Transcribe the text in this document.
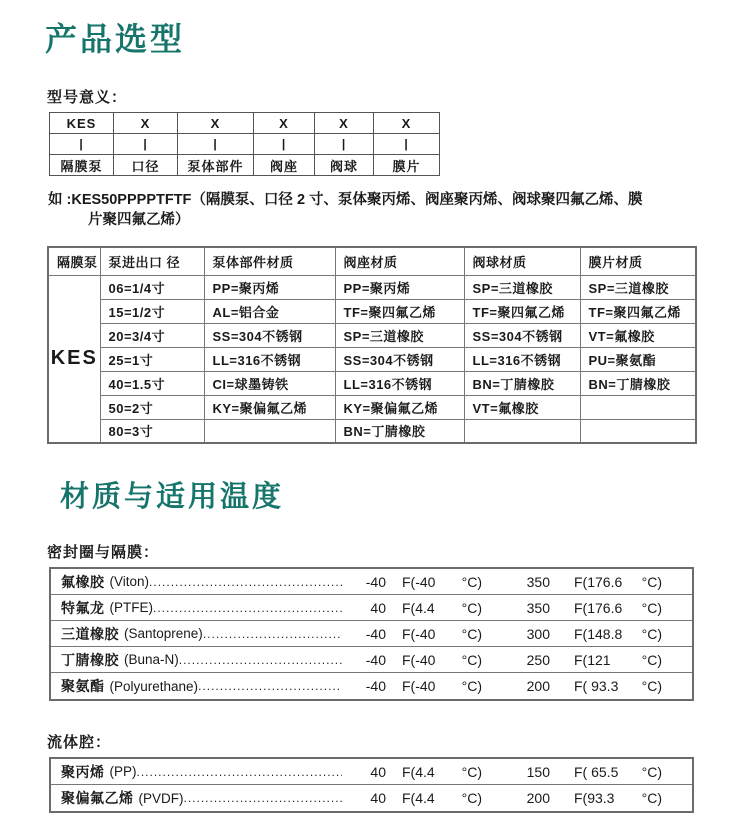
产品选型
型号意义：
KES	X	X	X	X	X
|	|	|	|	|	|
隔膜泵	口径	泵体部件	阀座	阀球	膜片
如 :KES50PPPPTFTF（隔膜泵、口径 2 寸、泵体聚丙烯、阀座聚丙烯、阀球聚四氟乙烯、膜
片聚四氟乙烯）
隔膜泵	泵进出口 径	泵体部件材质	阀座材质	阀球材质	膜片材质
KES	06=1/4寸	PP=聚丙烯	PP=聚丙烯	SP=三道橡胶	SP=三道橡胶
	15=1/2寸	AL=铝合金	TF=聚四氟乙烯	TF=聚四氟乙烯	TF=聚四氟乙烯
	20=3/4寸	SS=304不锈钢	SP=三道橡胶	SS=304不锈钢	VT=氟橡胶
	25=1寸	LL=316不锈钢	SS=304不锈钢	LL=316不锈钢	PU=聚氨酯
	40=1.5寸	CI=球墨铸铁	LL=316不锈钢	BN=丁腈橡胶	BN=丁腈橡胶
	50=2寸	KY=聚偏氟乙烯	KY=聚偏氟乙烯	VT=氟橡胶	
	80=3寸		BN=丁腈橡胶		
材质与适用温度
密封圈与隔膜：
氟橡胶 (Viton) .....	-40 F(-40 °C)	350 F(176.6 °C)
特氟龙 (PTFE) .....	40 F(4.4 °C)	350 F(176.6 °C)
三道橡胶 (Santoprene) .....	-40 F(-40 °C)	300 F(148.8 °C)
丁腈橡胶 (Buna-N) .....	-40 F(-40 °C)	250 F(121 °C)
聚氨酯 (Polyurethane) .....	-40 F(-40 °C)	200 F( 93.3 °C)
流体腔：
聚丙烯 (PP) .....	40 F(4.4 °C)	150 F( 65.5 °C)
聚偏氟乙烯 (PVDF) .....	40 F(4.4 °C)	200 F(93.3 °C)
